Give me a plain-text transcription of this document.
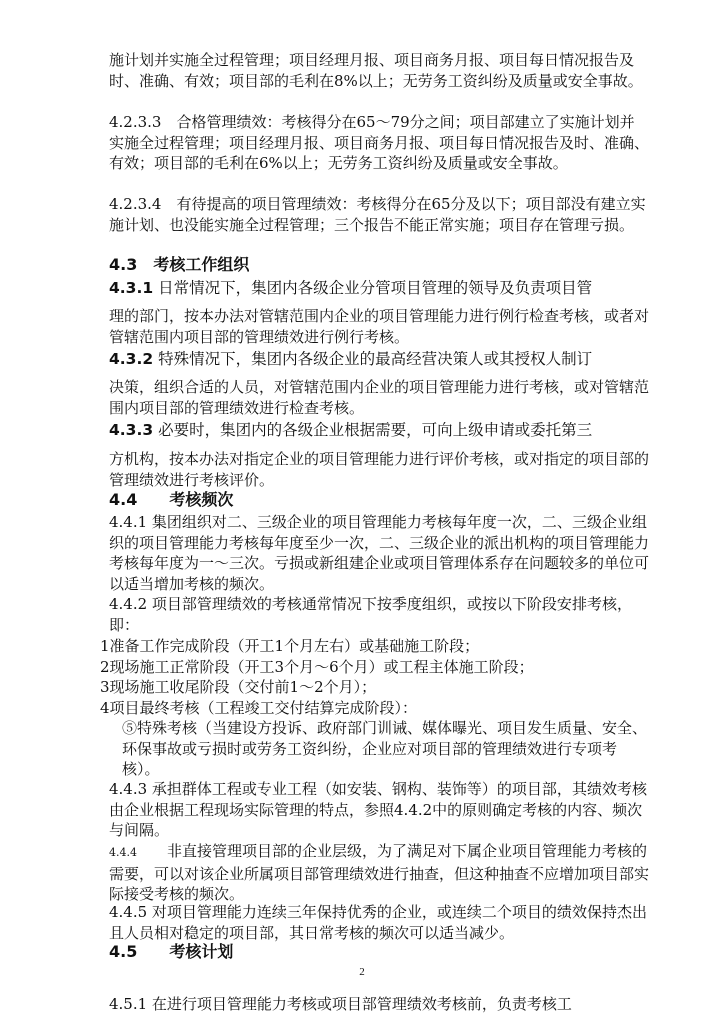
施计划并实施全过程管理；项目经理月报、项目商务月报、项目每日情况报告及时、准确、有效；项目部的毛利在8%以上；无劳务工资纠纷及质量或安全事故。

4.2.3.3　合格管理绩效：考核得分在65～79分之间；项目部建立了实施计划并实施全过程管理；项目经理月报、项目商务月报、项目每日情况报告及时、准确、有效；项目部的毛利在6%以上；无劳务工资纠纷及质量或安全事故。

4.2.3.4　有待提高的项目管理绩效：考核得分在65分及以下；项目部没有建立实施计划、也没能实施全过程管理；三个报告不能正常实施；项目存在管理亏损。

4.3　考核工作组织

4.3.1 日常情况下，集团内各级企业分管项目管理的领导及负责项目管

理的部门，按本办法对管辖范围内企业的项目管理能力进行例行检查考核，或者对管辖范围内项目部的管理绩效进行例行考核。

4.3.2 特殊情况下，集团内各级企业的最高经营决策人或其授权人制订

决策，组织合适的人员，对管辖范围内企业的项目管理能力进行考核，或对管辖范围内项目部的管理绩效进行检查考核。

4.3.3 必要时，集团内的各级企业根据需要，可向上级申请或委托第三

方机构，按本办法对指定企业的项目管理能力进行评价考核，或对指定的项目部的管理绩效进行考核评价。

4.4　　考核频次

4.4.1 集团组织对二、三级企业的项目管理能力考核每年度一次，二、三级企业组织的项目管理能力考核每年度至少一次，二、三级企业的派出机构的项目管理能力考核每年度为一～三次。亏损或新组建企业或项目管理体系存在问题较多的单位可以适当增加考核的频次。

4.4.2 项目部管理绩效的考核通常情况下按季度组织，或按以下阶段安排考核，即：

1准备工作完成阶段（开工1个月左右）或基础施工阶段；

2现场施工正常阶段（开工3个月～6个月）或工程主体施工阶段；

3现场施工收尾阶段（交付前1～2个月）；

4项目最终考核（工程竣工交付结算完成阶段）：

⑤特殊考核（当建设方投诉、政府部门训诫、媒体曝光、项目发生质量、安全、环保事故或亏损时或劳务工资纠纷，企业应对项目部的管理绩效进行专项考核）。

4.4.3 承担群体工程或专业工程（如安装、钢构、装饰等）的项目部，其绩效考核由企业根据工程现场实际管理的特点，参照4.4.2中的原则确定考核的内容、频次与间隔。

4.4.4　　非直接管理项目部的企业层级，为了满足对下属企业项目管理能力考核的需要，可以对该企业所属项目部管理绩效进行抽查，但这种抽查不应增加项目部实际接受考核的频次。

4.4.5 对项目管理能力连续三年保持优秀的企业，或连续二个项目的绩效保持杰出且人员相对稳定的项目部，其日常考核的频次可以适当减少。

4.5　　考核计划

2

4.5.1 在进行项目管理能力考核或项目部管理绩效考核前，负责考核工
